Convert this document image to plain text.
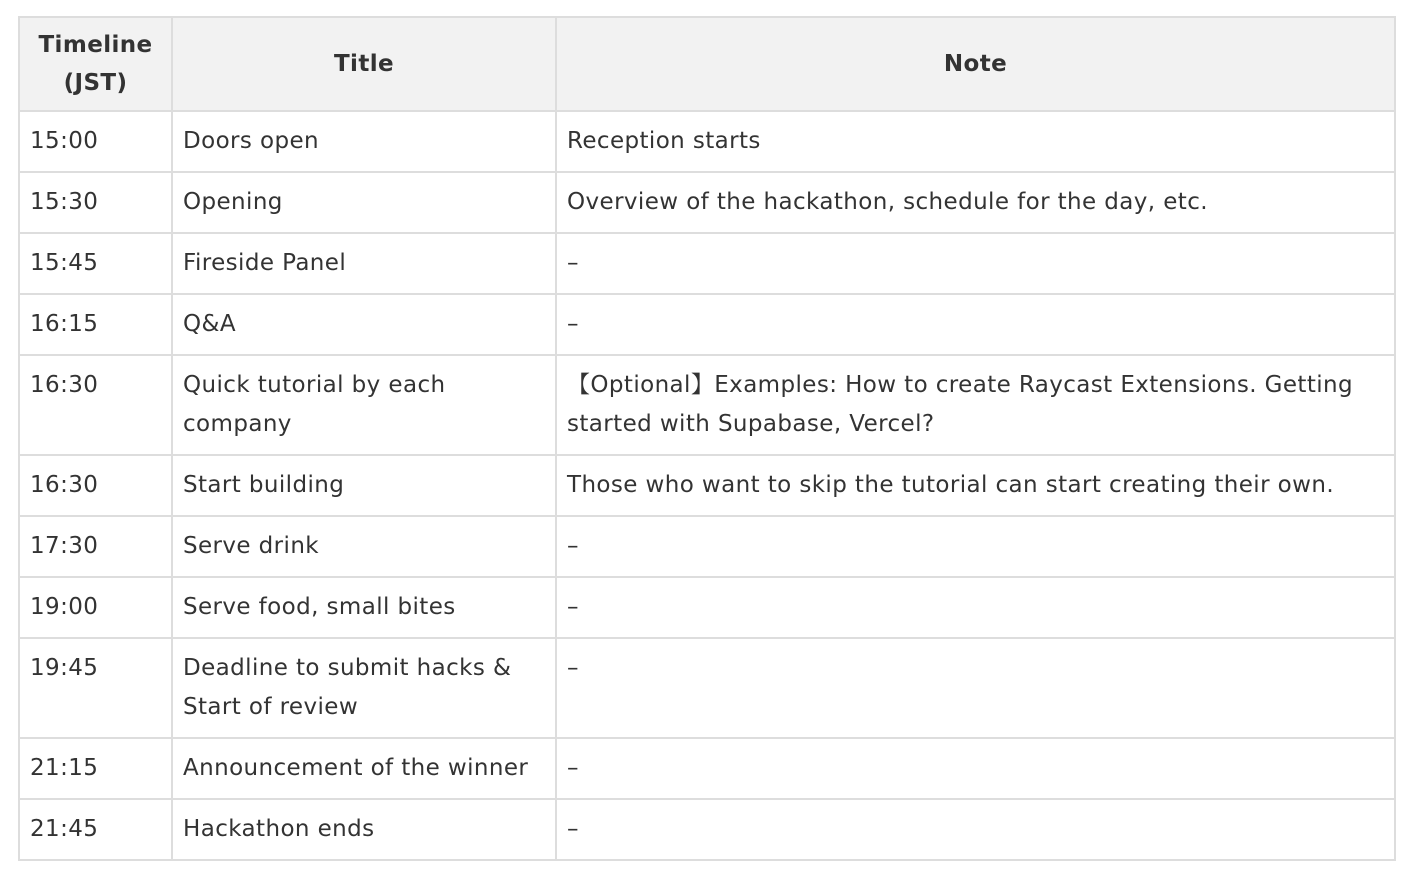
Timeline (JST)	Title	Note
15:00	Doors open	Reception starts
15:30	Opening	Overview of the hackathon, schedule for the day, etc.
15:45	Fireside Panel	–
16:15	Q&A	–
16:30	Quick tutorial by each company	【Optional】Examples: How to create Raycast Extensions. Getting started with Supabase, Vercel?
16:30	Start building	Those who want to skip the tutorial can start creating their own.
17:30	Serve drink	–
19:00	Serve food, small bites	–
19:45	Deadline to submit hacks & Start of review	–
21:15	Announcement of the winner	–
21:45	Hackathon ends	–
